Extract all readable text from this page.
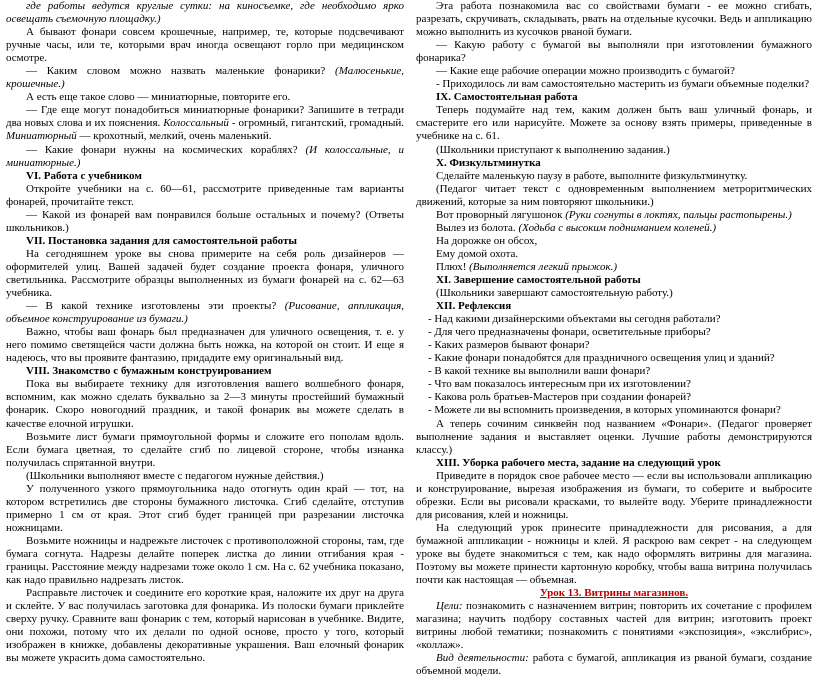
где работы ведутся круглые сутки: на киносъемке, где необходимо ярко освещать съемочную площадку.)

А бывают фонари совсем крошечные, например, те, которые подсвечивают ручные часы, или те, которыми врач иногда освещают горло при медицинском осмотре.

— Каким словом можно назвать маленькие фонарики? (Малюсенькие, крошечные.)

А есть еще такое слово — миниатюрные, повторите его.

— Где еще могут понадобиться миниатюрные фонарики? Запишите в тетради два новых слова и их пояснения. Колоссальный - огромный, гигантский, громадный. Миниатюрный — крохотный, мелкий, очень маленький.

— Какие фонари нужны на космических кораблях? (И колоссальные, и миниатюрные.)

VI. Работа с учебником

Откройте учебники на с. 60—61, рассмотрите приведенные там варианты фонарей, прочитайте текст.

— Какой из фонарей вам понравился больше остальных и почему? (Ответы школьников.)

VII. Постановка задания для самостоятельной работы

На сегодняшнем уроке вы снова примерите на себя роль дизайнеров — оформителей улиц. Вашей задачей будет создание проекта фонаря, уличного светильника. Рассмотрите образцы выполненных из бумаги фонарей на с. 62—63 учебника.

— В какой технике изготовлены эти проекты? (Рисование, аппликация, объемное конструирование из бумаги.)

Важно, чтобы ваш фонарь был предназначен для уличного освещения, т. е. у него помимо светящейся части должна быть ножка, на которой он стоит. И еще я надеюсь, что вы проявите фантазию, придадите ему оригинальный вид.

VIII. Знакомство с бумажным конструированием

Пока вы выбираете технику для изготовления вашего волшебного фонаря, вспомним, как можно сделать буквально за 2—3 минуты простейший бумажный фонарик. Скоро новогодний праздник, и такой фонарик вы можете сделать в качестве елочной игрушки.

Возьмите лист бумаги прямоугольной формы и сложите его пополам вдоль. Если бумага цветная, то сделайте сгиб по лицевой стороне, чтобы изнанка получилась спрятанной внутри.

(Школьники выполняют вместе с педагогом нужные действия.)

У полученного узкого прямоугольника надо отогнуть один край — тот, на котором встретились две стороны бумажного листочка. Сгиб сделайте, отступив примерно 1 см от края. Этот сгиб будет границей при разрезании листочка ножницами.

Возьмите ножницы и надрежьте листочек с противоположной стороны, там, где бумага согнута. Надрезы делайте поперек листка до линии отгибания края - границы. Расстояние между надрезами тоже около 1 см. На с. 62 учебника показано, как надо правильно надрезать листок.

Расправьте листочек и соедините его короткие края, наложите их друг на друга и склейте. У вас получилась заготовка для фонарика. Из полоски бумаги приклейте сверху ручку. Сравните ваш фонарик с тем, который нарисован в учебнике. Видите, они похожи, потому что их делали по одной основе, просто у того, который изображен в книжке, добавлены декоративные украшения. Ваш елочный фонарик вы можете украсить дома самостоятельно.

Эта работа познакомила вас со свойствами бумаги - ее можно сгибать, разрезать, скручивать, складывать, рвать на отдельные кусочки. Ведь и аппликацию можно выполнить из кусочков рваной бумаги.

— Какую работу с бумагой вы выполняли при изготовлении бумажного фонарика?

— Какие еще рабочие операции можно производить с бумагой?

- Приходилось ли вам самостоятельно мастерить из бумаги объемные поделки?

IX. Самостоятельная работа

Теперь подумайте над тем, каким должен быть ваш уличный фонарь, и смастерите его или нарисуйте. Можете за основу взять примеры, приведенные в учебнике на с. 61.

(Школьники приступают к выполнению задания.)

X. Физкультминутка

Сделайте маленькую паузу в работе, выполните физкультминутку.

(Педагог читает текст с одновременным выполнением метроритмических движений, которые за ним повторяют школьники.)

Вот проворный лягушонок (Руки согнуты в локтях, пальцы растопырены.)

Вылез из болота. (Ходьба с высоким подниманием коленей.)

На дорожке он обсох,

Ему домой охота.

Плюх! (Выполняется легкий прыжок.)

XI. Завершение самостоятельной работы

(Школьники завершают самостоятельную работу.)

XII. Рефлексия

- Над какими дизайнерскими объектами вы сегодня работали?

- Для чего предназначены фонари, осветительные приборы?

- Каких размеров бывают фонари?

- Какие фонари понадобятся для праздничного освещения улиц и зданий?

- В какой технике вы выполнили ваши фонари?

- Что вам показалось интересным при их изготовлении?

- Какова роль братьев-Мастеров при создании фонарей?

- Можете ли вы вспомнить произведения, в которых упоминаются фонари?

А теперь сочиним синквейн под названием «Фонари». (Педагог проверяет выполнение задания и выставляет оценки. Лучшие работы демонстрируются классу.)

XIII. Уборка рабочего места, задание на следующий урок

Приведите в порядок свое рабочее место — если вы использовали аппликацию и конструирование, вырезая изображения из бумаги, то соберите и выбросите обрезки. Если вы рисовали красками, то вылейте воду. Уберите принадлежности для рисования, клей и ножницы.

На следующий урок принесите принадлежности для рисования, а для бумажной аппликации - ножницы и клей. Я раскрою вам секрет - на следующем уроке вы будете знакомиться с тем, как надо оформлять витрины для магазина. Поэтому вы можете принести картонную коробку, чтобы ваша витрина получилась почти как настоящая — объемная.

Урок 13. Витрины магазинов.

Цели: познакомить с назначением витрин; повторить их сочетание с профилем магазина; научить подбору составных частей для витрин; изготовить проект витрины любой тематики; познакомить с понятиями «экспозиция», «экслибрис», «коллаж».

Вид деятельности: работа с бумагой, аппликация из рваной бумаги, создание объемной модели.
